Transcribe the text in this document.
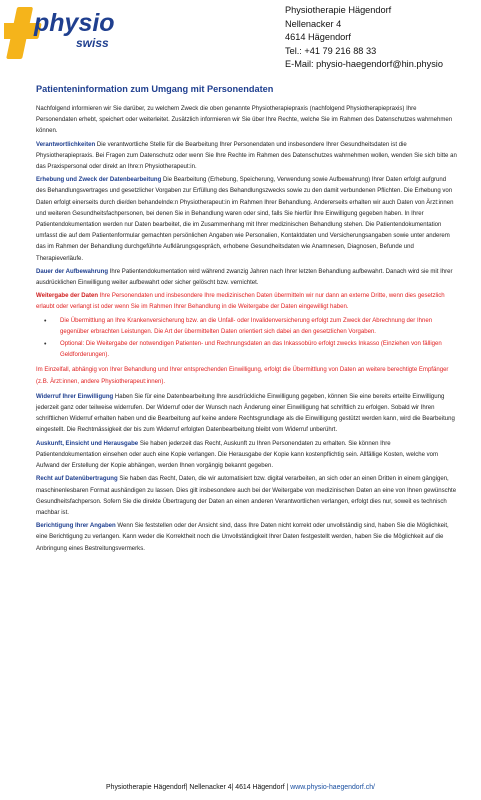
physio
swiss
Physiotherapie Hägendorf
Nellenacker 4
4614 Hägendorf
Tel.: +41 79 216 88 33
E-Mail: physio-haegendorf@hin.physio
Patienteninformation zum Umgang mit Personendaten

Nachfolgend informieren wir Sie darüber, zu welchem Zweck die oben genannte Physiotherapiepraxis (nachfolgend Physiotherapiepraxis) Ihre Personendaten erhebt, speichert oder weiterleitet. Zusätzlich informieren wir Sie über Ihre Rechte, welche Sie im Rahmen des Datenschutzes wahrnehmen können.

Verantwortlichkeiten Die verantwortliche Stelle für die Bearbeitung Ihrer Personendaten und insbesondere Ihrer Gesundheitsdaten ist die Physiotherapiepraxis. Bei Fragen zum Datenschutz oder wenn Sie Ihre Rechte im Rahmen des Datenschutzes wahrnehmen wollen, wenden Sie sich bitte an das Praxispersonal oder direkt an Ihre:n Physiotherapeut:in.

Erhebung und Zweck der Datenbearbeitung Die Bearbeitung (Erhebung, Speicherung, Verwendung sowie Aufbewahrung) Ihrer Daten erfolgt aufgrund des Behandlungsvertrages und gesetzlicher Vorgaben zur Erfüllung des Behandlungszwecks sowie zu den damit verbundenen Pflichten. Die Erhebung von Daten erfolgt einerseits durch die/den behandelnde:n Physiotherapeut:in im Rahmen Ihrer Behandlung. Andererseits erhalten wir auch Daten von Ärzt:innen und weiteren Gesundheitsfachpersonen, bei denen Sie in Behandlung waren oder sind, falls Sie hierfür Ihre Einwilligung gegeben haben. In Ihrer Patientendokumentation werden nur Daten bearbeitet, die im Zusammenhang mit Ihrer medizinischen Behandlung stehen. Die Patientendokumentation umfasst die auf dem Patientenformular gemachten persönlichen Angaben wie Personalien, Kontaktdaten und Versicherungsangaben sowie unter anderem das im Rahmen der Behandlung durchgeführte Aufklärungsgespräch, erhobene Gesundheitsdaten wie Anamnesen, Diagnosen, Befunde und Therapieverläufe.

Dauer der Aufbewahrung Ihre Patientendokumentation wird während zwanzig Jahren nach Ihrer letzten Behandlung aufbewahrt. Danach wird sie mit Ihrer ausdrücklichen Einwilligung weiter aufbewahrt oder sicher gelöscht bzw. vernichtet.

Weitergabe der Daten Ihre Personendaten und insbesondere Ihre medizinischen Daten übermitteln wir nur dann an externe Dritte, wenn dies gesetzlich erlaubt oder verlangt ist oder wenn Sie im Rahmen Ihrer Behandlung in die Weitergabe der Daten eingewilligt haben.

• Die Übermittlung an Ihre Krankenversicherung bzw. an die Unfall- oder Invalidenversicherung erfolgt zum Zweck der Abrechnung der Ihnen gegenüber erbrachten Leistungen. Die Art der übermittelten Daten orientiert sich dabei an den gesetzlichen Vorgaben.
• Optional: Die Weitergabe der notwendigen Patienten- und Rechnungsdaten an das Inkassobüro erfolgt zwecks Inkasso (Einziehen von fälligen Geldforderungen).

Im Einzelfall, abhängig von Ihrer Behandlung und Ihrer entsprechenden Einwilligung, erfolgt die Übermittlung von Daten an weitere berechtigte Empfänger (z.B. Ärzt:innen, andere Physiotherapeut:innen).

Widerruf Ihrer Einwilligung Haben Sie für eine Datenbearbeitung Ihre ausdrückliche Einwilligung gegeben, können Sie eine bereits erteilte Einwilligung jederzeit ganz oder teilweise widerrufen. Der Widerruf oder der Wunsch nach Änderung einer Einwilligung hat schriftlich zu erfolgen. Sobald wir Ihren schriftlichen Widerruf erhalten haben und die Bearbeitung auf keine andere Rechtsgrundlage als die Einwilligung gestützt werden kann, wird die Bearbeitung eingestellt. Die Rechtmässigkeit der bis zum Widerruf erfolgten Datenbearbeitung bleibt vom Widerruf unberührt.

Auskunft, Einsicht und Herausgabe Sie haben jederzeit das Recht, Auskunft zu Ihren Personendaten zu erhalten. Sie können Ihre Patientendokumentation einsehen oder auch eine Kopie verlangen. Die Herausgabe der Kopie kann kostenpflichtig sein. Allfällige Kosten, welche vom Aufwand der Erstellung der Kopie abhängen, werden Ihnen vorgängig bekannt gegeben.

Recht auf Datenübertragung Sie haben das Recht, Daten, die wir automatisiert bzw. digital verarbeiten, an sich oder an einen Dritten in einem gängigen, maschinenlesbaren Format aushändigen zu lassen. Dies gilt insbesondere auch bei der Weitergabe von medizinischen Daten an eine von Ihnen gewünschte Gesundheitsfachperson. Sofern Sie die direkte Übertragung der Daten an einen anderen Verantwortlichen verlangen, erfolgt dies nur, soweit es technisch machbar ist.

Berichtigung Ihrer Angaben Wenn Sie feststellen oder der Ansicht sind, dass Ihre Daten nicht korrekt oder unvollständig sind, haben Sie die Möglichkeit, eine Berichtigung zu verlangen. Kann weder die Korrektheit noch die Unvollständigkeit Ihrer Daten festgestellt werden, haben Sie die Möglichkeit auf die Anbringung eines Bestreitungsvermerks.

Physiotherapie Hägendorf| Nellenacker 4| 4614 Hägendorf | www.physio-haegendorf.ch/
